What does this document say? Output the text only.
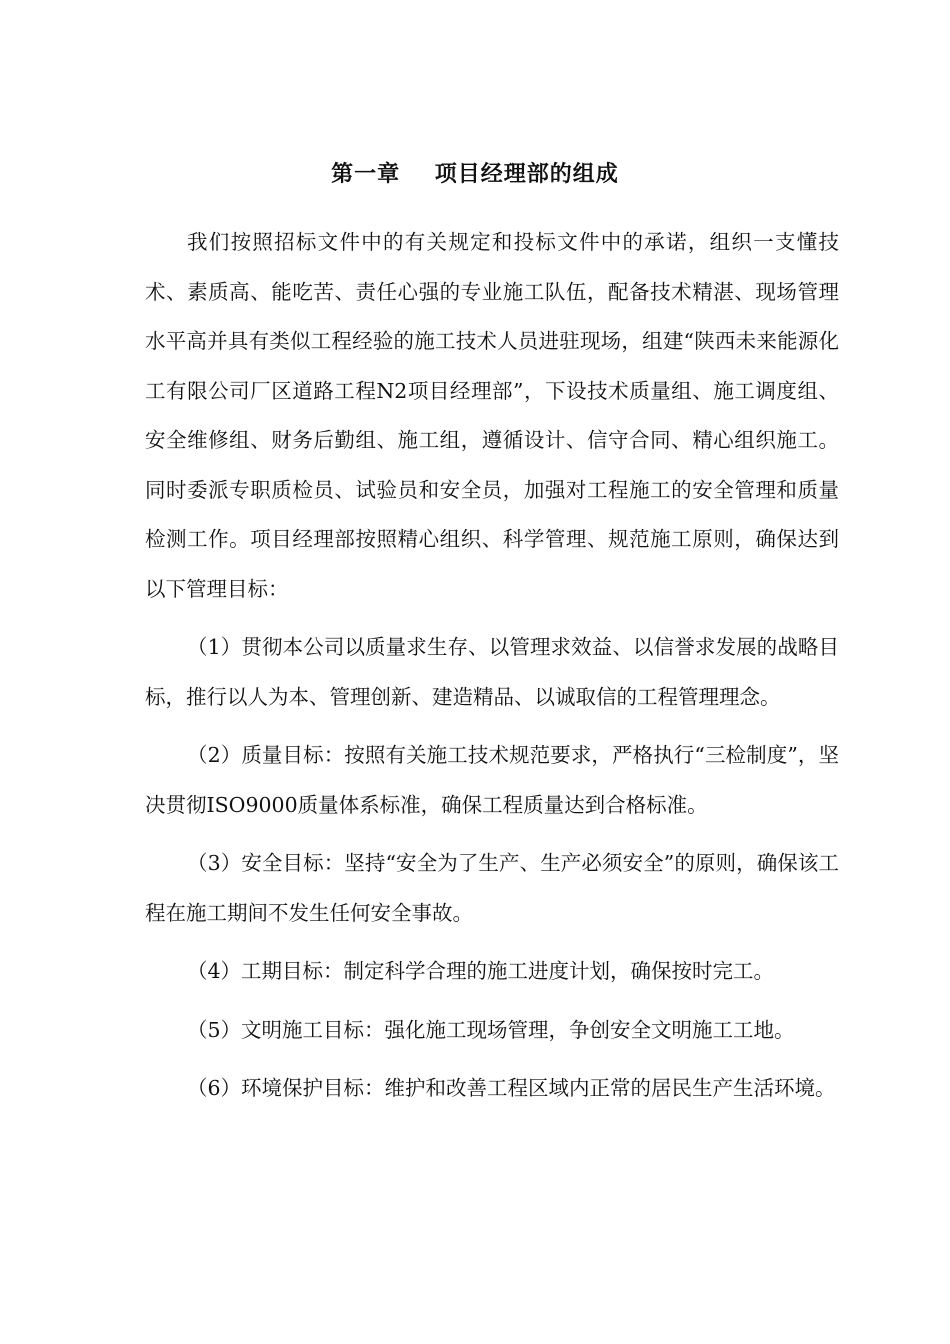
第一章    项目经理部的组成

我们按照招标文件中的有关规定和投标文件中的承诺，组织一支懂技术、素质高、能吃苦、责任心强的专业施工队伍，配备技术精湛、现场管理水平高并具有类似工程经验的施工技术人员进驻现场，组建“陕西未来能源化工有限公司厂区道路工程N2项目经理部”，下设技术质量组、施工调度组、安全维修组、财务后勤组、施工组，遵循设计、信守合同、精心组织施工。同时委派专职质检员、试验员和安全员，加强对工程施工的安全管理和质量检测工作。项目经理部按照精心组织、科学管理、规范施工原则，确保达到以下管理目标：

（1）贯彻本公司以质量求生存、以管理求效益、以信誉求发展的战略目标，推行以人为本、管理创新、建造精品、以诚取信的工程管理理念。

（2）质量目标：按照有关施工技术规范要求，严格执行“三检制度”，坚决贯彻ISO9000质量体系标准，确保工程质量达到合格标准。

（3）安全目标：坚持“安全为了生产、生产必须安全”的原则，确保该工程在施工期间不发生任何安全事故。

（4）工期目标：制定科学合理的施工进度计划，确保按时完工。

（5）文明施工目标：强化施工现场管理，争创安全文明施工工地。

（6）环境保护目标：维护和改善工程区域内正常的居民生产生活环境。
